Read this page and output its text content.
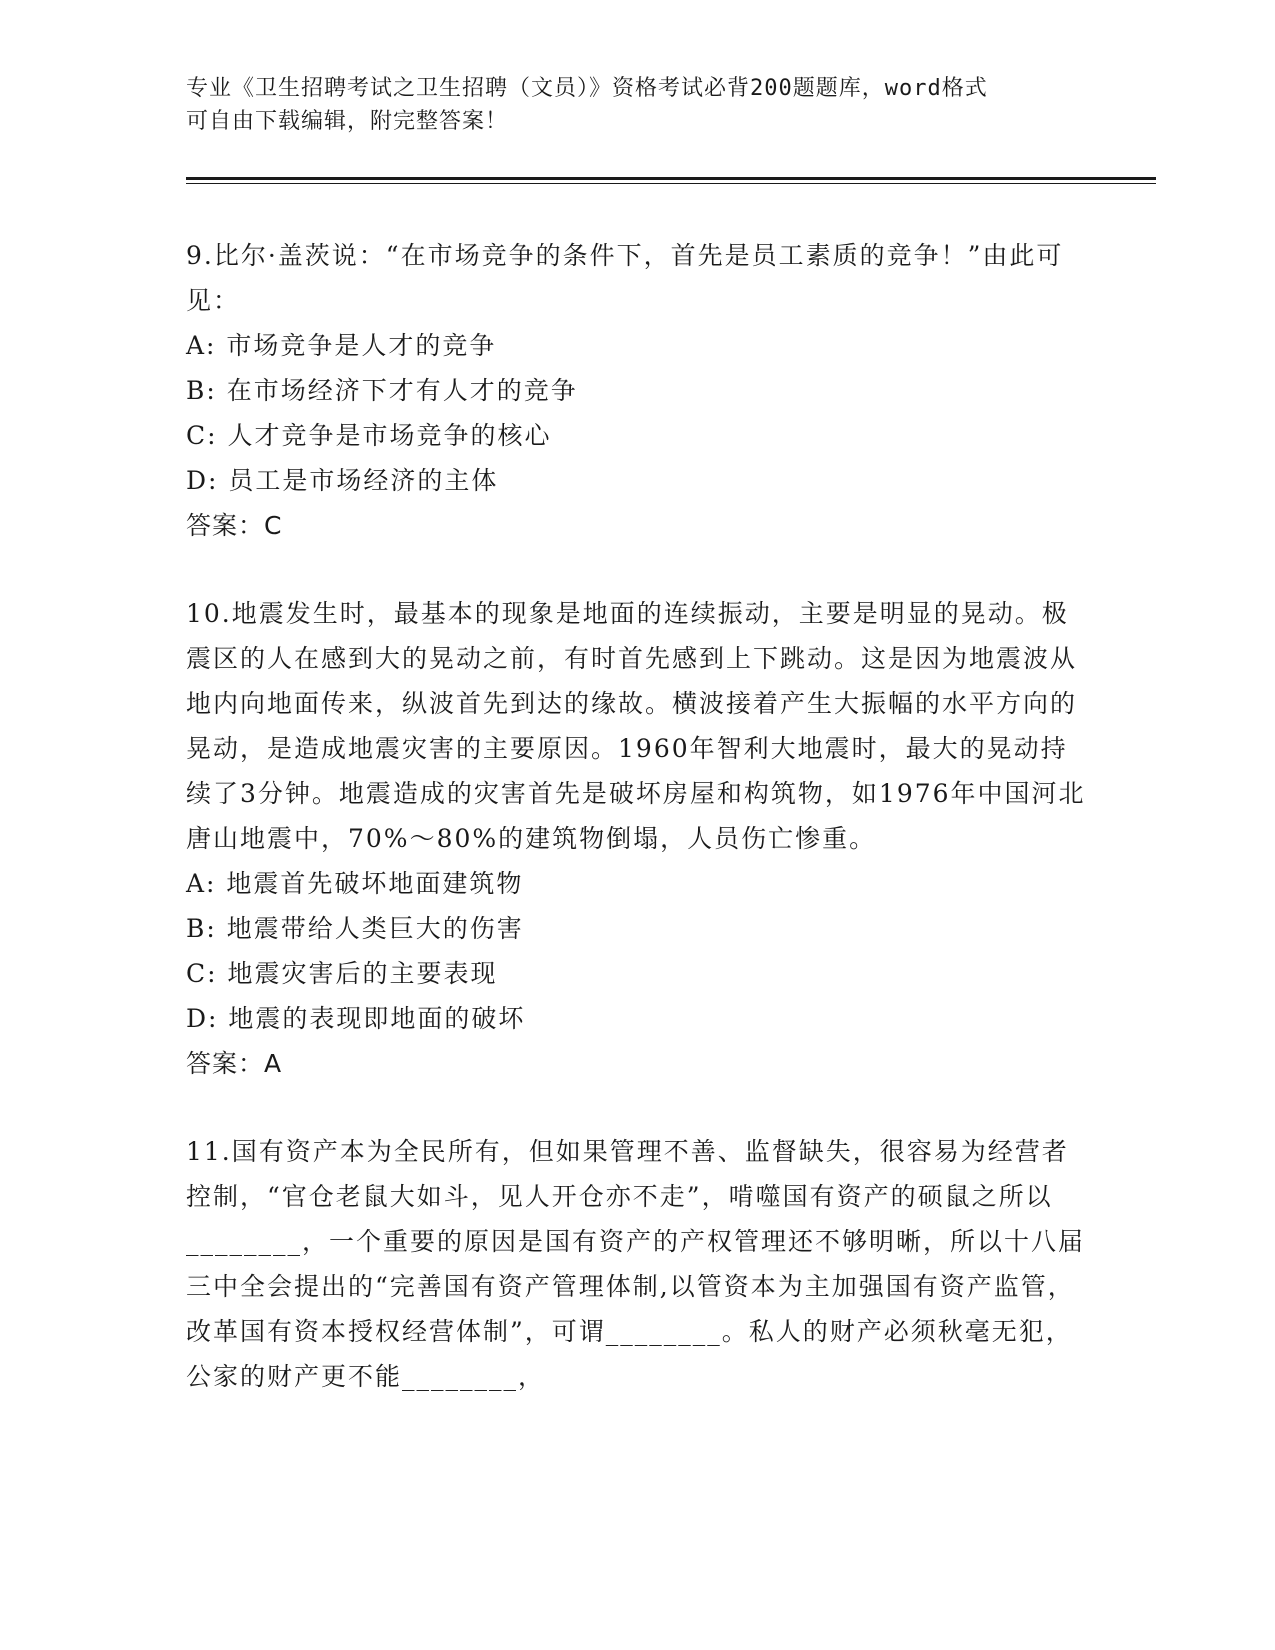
专业《卫生招聘考试之卫生招聘（文员）》资格考试必背200题题库，word格式
可自由下载编辑，附完整答案！

9.比尔·盖茨说：“在市场竞争的条件下，首先是员工素质的竞争！”由此可见：

A: 市场竞争是人才的竞争

B: 在市场经济下才有人才的竞争

C: 人才竞争是市场竞争的核心

D: 员工是市场经济的主体

答案：C

10.地震发生时，最基本的现象是地面的连续振动，主要是明显的晃动。极震区的人在感到大的晃动之前，有时首先感到上下跳动。这是因为地震波从地内向地面传来，纵波首先到达的缘故。横波接着产生大振幅的水平方向的晃动，是造成地震灾害的主要原因。1960年智利大地震时，最大的晃动持续了3分钟。地震造成的灾害首先是破坏房屋和构筑物，如1976年中国河北唐山地震中，70%～80%的建筑物倒塌，人员伤亡惨重。

A: 地震首先破坏地面建筑物

B: 地震带给人类巨大的伤害

C: 地震灾害后的主要表现

D: 地震的表现即地面的破坏

答案：A

11.国有资产本为全民所有，但如果管理不善、监督缺失，很容易为经营者控制，“官仓老鼠大如斗，见人开仓亦不走”，啃噬国有资产的硕鼠之所以________，一个重要的原因是国有资产的产权管理还不够明晰，所以十八届三中全会提出的“完善国有资产管理体制,以管资本为主加强国有资产监管，改革国有资本授权经营体制”，可谓________。私人的财产必须秋毫无犯，公家的财产更不能________，
